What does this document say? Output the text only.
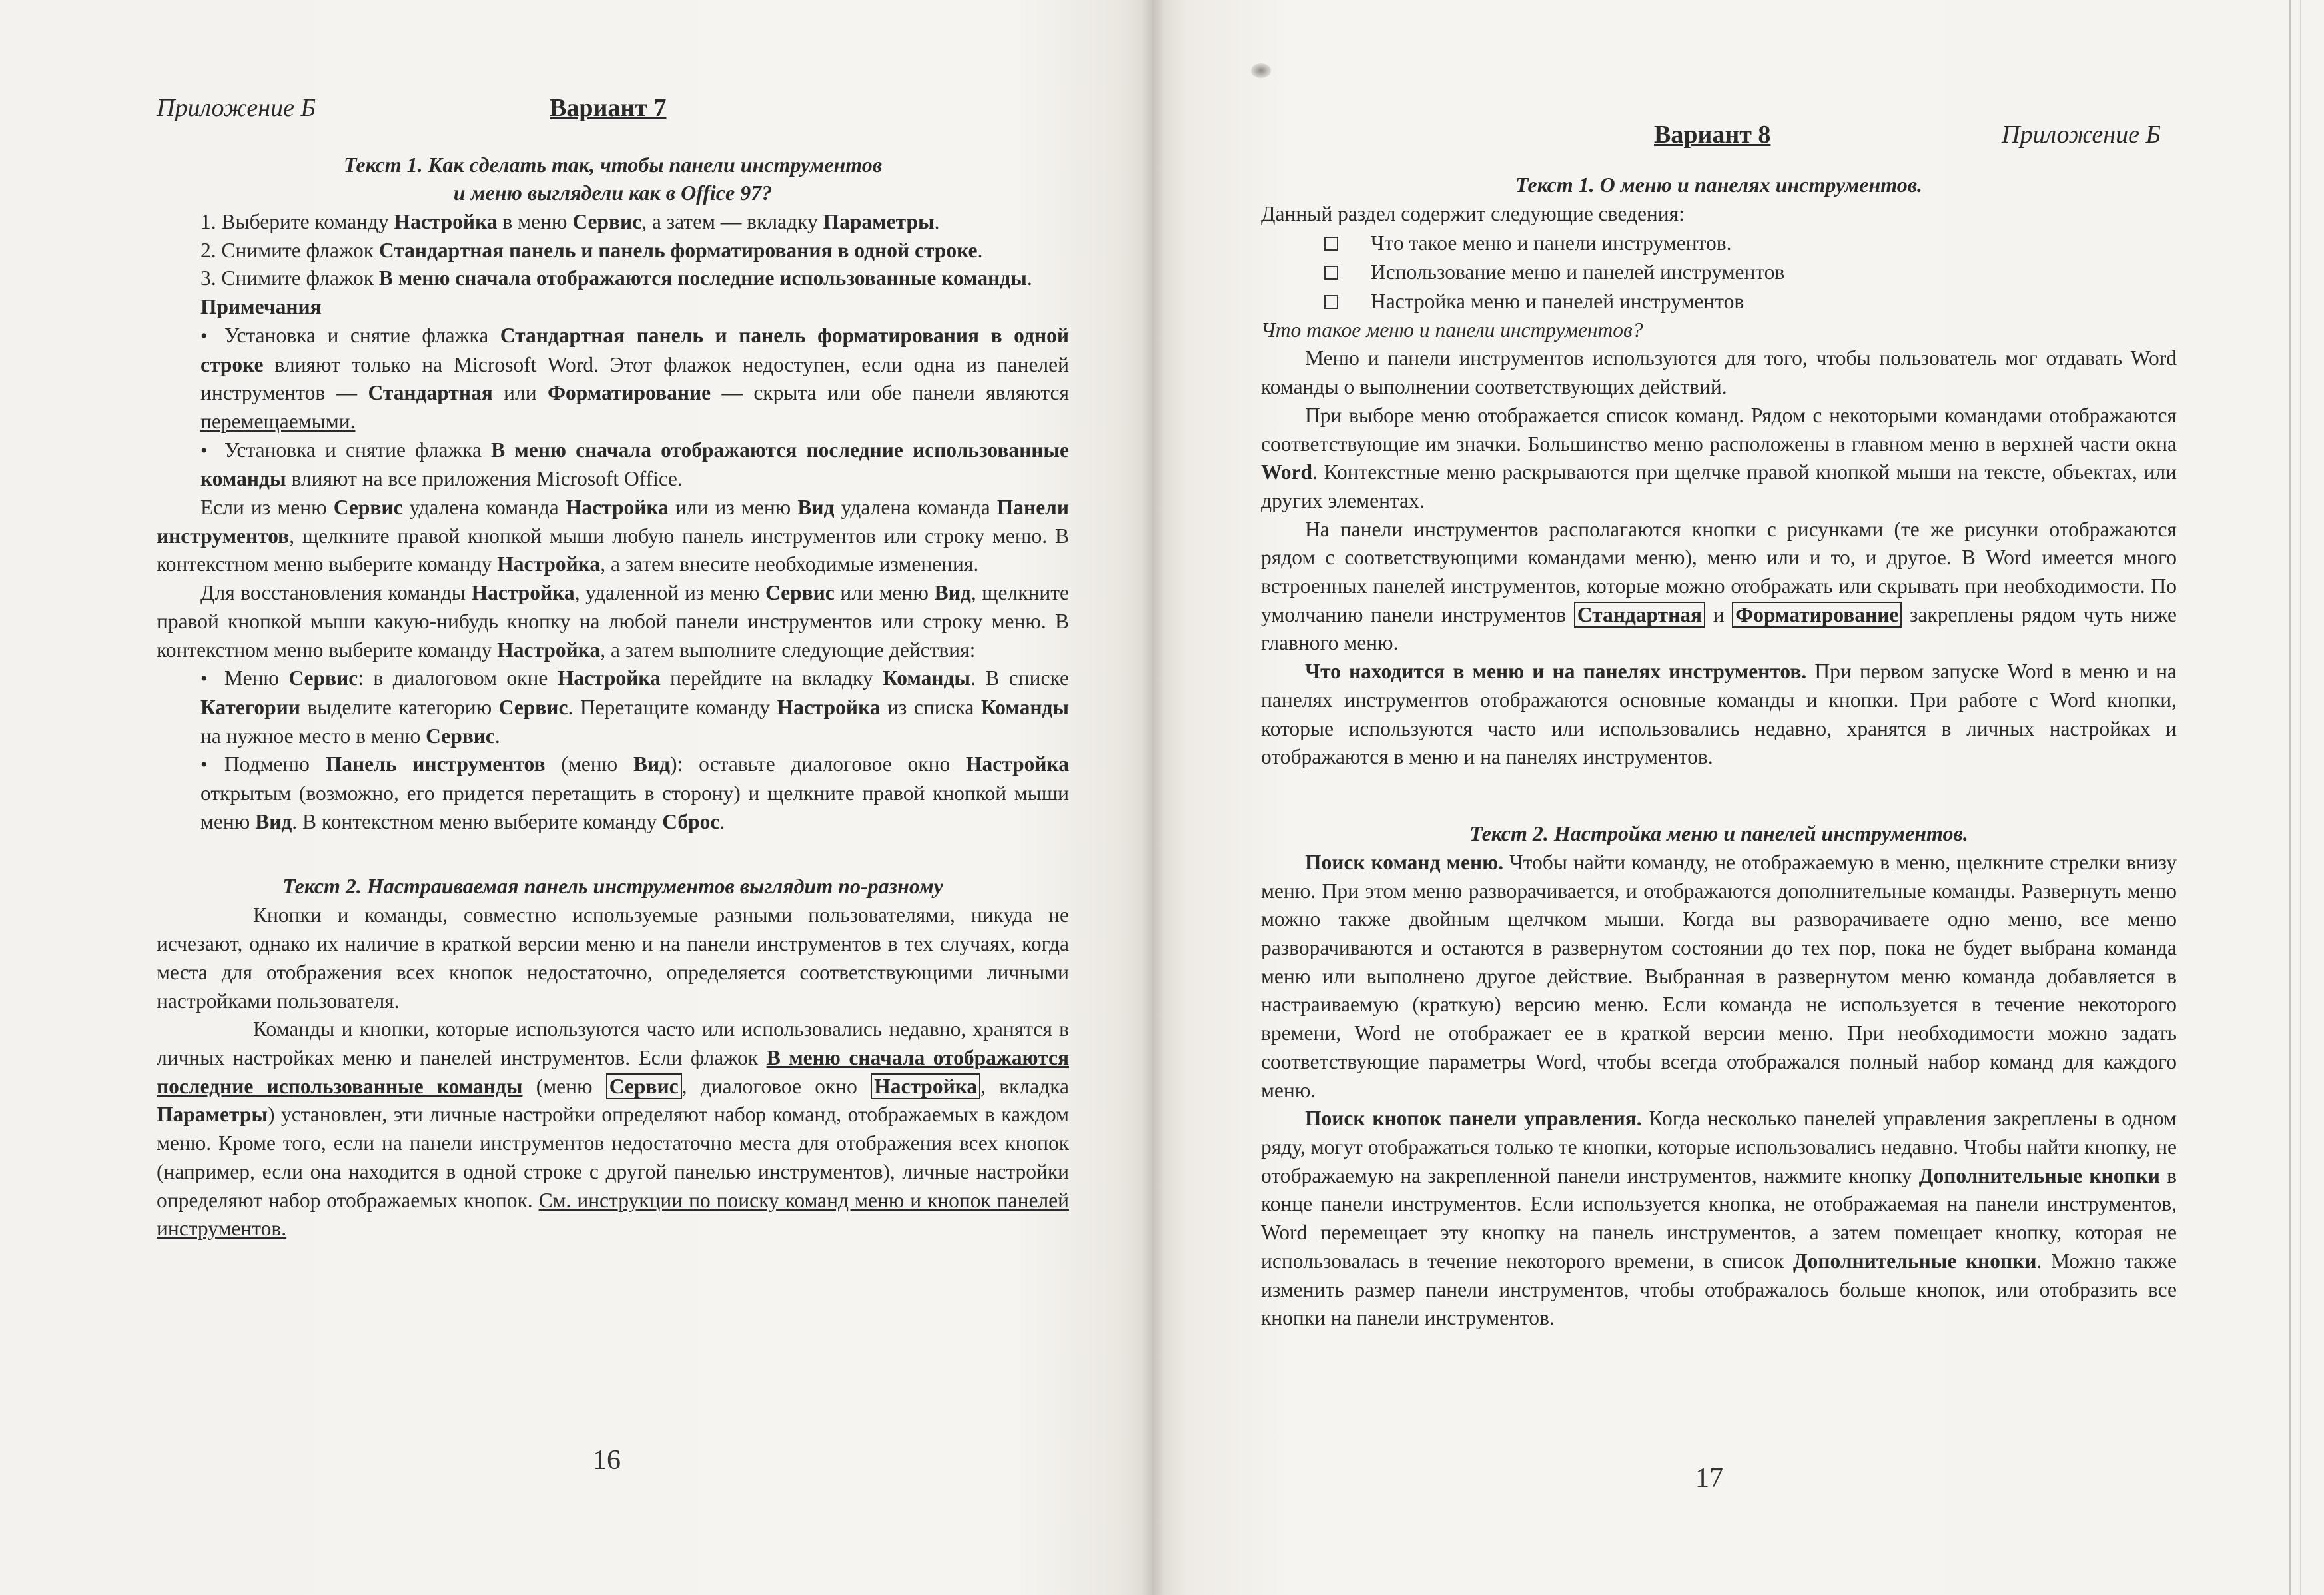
Приложение Б	Вариант 7
Текст 1. Как сделать так, чтобы панели инструментов
и меню выглядели как в Office 97?

1. Выберите команду Настройка в меню Сервис, а затем — вкладку Параметры.

2. Снимите флажок Стандартная панель и панель форматирования в одной строке.

3. Снимите флажок В меню сначала отображаются последние использованные команды.

Примечания

• Установка и снятие флажка Стандартная панель и панель форматирования в одной строке влияют только на Microsoft Word. Этот флажок недоступен, если одна из панелей инструментов — Стандартная или Форматирование — скрыта или обе панели являются перемещаемыми.

• Установка и снятие флажка В меню сначала отображаются последние использованные команды влияют на все приложения Microsoft Office.

Если из меню Сервис удалена команда Настройка или из меню Вид удалена команда Панели инструментов, щелкните правой кнопкой мыши любую панель инструментов или строку меню. В контекстном меню выберите команду Настройка, а затем внесите необходимые изменения.

Для восстановления команды Настройка, удаленной из меню Сервис или меню Вид, щелкните правой кнопкой мыши какую-нибудь кнопку на любой панели инструментов или строку меню. В контекстном меню выберите команду Настройка, а затем выполните следующие действия:

• Меню Сервис: в диалоговом окне Настройка перейдите на вкладку Команды. В списке Категории выделите категорию Сервис. Перетащите команду Настройка из списка Команды на нужное место в меню Сервис.

• Подменю Панель инструментов (меню Вид): оставьте диалоговое окно Настройка открытым (возможно, его придется перетащить в сторону) и щелкните правой кнопкой мыши меню Вид. В контекстном меню выберите команду Сброс.

Текст 2. Настраиваемая панель инструментов выглядит по-разному

Кнопки и команды, совместно используемые разными пользователями, никуда не исчезают, однако их наличие в краткой версии меню и на панели инструментов в тех случаях, когда места для отображения всех кнопок недостаточно, определяется соответствующими личными настройками пользователя.

Команды и кнопки, которые используются часто или использовались недавно, хранятся в личных настройках меню и панелей инструментов. Если флажок В меню сначала отображаются последние использованные команды (меню Сервис , диалоговое окно Настройка , вкладка Параметры) установлен, эти личные настройки определяют набор команд, отображаемых в каждом меню. Кроме того, если на панели инструментов недостаточно места для отображения всех кнопок (например, если она находится в одной строке с другой панелью инструментов), личные настройки определяют набор отображаемых кнопок. См. инструкции по поиску команд меню и кнопок панелей инструментов.

16
Вариант 8	Приложение Б
Текст 1. О меню и панелях инструментов.

Данный раздел содержит следующие сведения:

Что такое меню и панели инструментов.
Использование меню и панелей инструментов
Настройка меню и панелей инструментов

Что такое меню и панели инструментов?

Меню и панели инструментов используются для того, чтобы пользователь мог отдавать Word команды о выполнении соответствующих действий.

При выборе меню отображается список команд. Рядом с некоторыми командами отображаются соответствующие им значки. Большинство меню расположены в главном меню в верхней части окна Word. Контекстные меню раскрываются при щелчке правой кнопкой мыши на тексте, объектах, или других элементах.

На панели инструментов располагаются кнопки с рисунками (те же рисунки отображаются рядом с соответствующими командами меню), меню или и то, и другое. В Word имеется много встроенных панелей инструментов, которые можно отображать или скрывать при необходимости. По умолчанию панели инструментов Стандартная и Форматирование закреплены рядом чуть ниже главного меню.

Что находится в меню и на панелях инструментов. При первом запуске Word в меню и на панелях инструментов отображаются основные команды и кнопки. При работе с Word кнопки, которые используются часто или использовались недавно, хранятся в личных настройках и отображаются в меню и на панелях инструментов.

Текст 2. Настройка меню и панелей инструментов.

Поиск команд меню. Чтобы найти команду, не отображаемую в меню, щелкните стрелки внизу меню. При этом меню разворачивается, и отображаются дополнительные команды. Развернуть меню можно также двойным щелчком мыши. Когда вы разворачиваете одно меню, все меню разворачиваются и остаются в развернутом состоянии до тех пор, пока не будет выбрана команда меню или выполнено другое действие. Выбранная в развернутом меню команда добавляется в настраиваемую (краткую) версию меню. Если команда не используется в течение некоторого времени, Word не отображает ее в краткой версии меню. При необходимости можно задать соответствующие параметры Word, чтобы всегда отображался полный набор команд для каждого меню.

Поиск кнопок панели управления. Когда несколько панелей управления закреплены в одном ряду, могут отображаться только те кнопки, которые использовались недавно. Чтобы найти кнопку, не отображаемую на закрепленной панели инструментов, нажмите кнопку Дополнительные кнопки в конце панели инструментов. Если используется кнопка, не отображаемая на панели инструментов, Word перемещает эту кнопку на панель инструментов, а затем помещает кнопку, которая не использовалась в течение некоторого времени, в список Дополнительные кнопки. Можно также изменить размер панели инструментов, чтобы отображалось больше кнопок, или отобразить все кнопки на панели инструментов.

17
